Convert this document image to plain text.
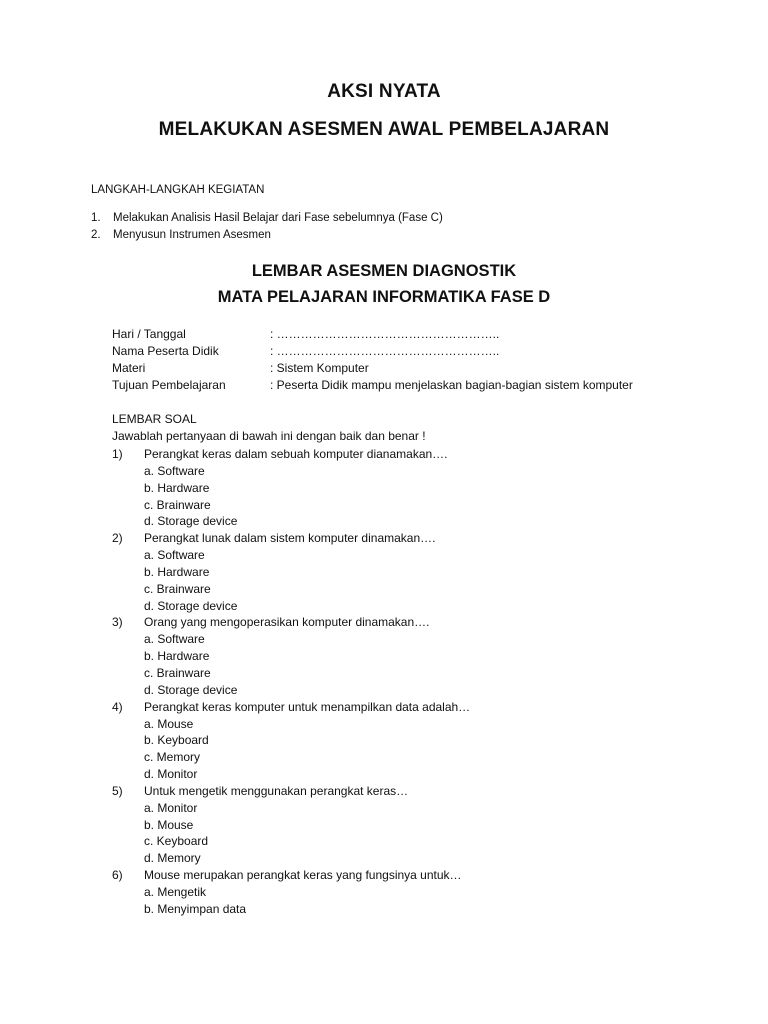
AKSI NYATA
MELAKUKAN ASESMEN AWAL PEMBELAJARAN
LANGKAH-LANGKAH KEGIATAN
1. Melakukan Analisis Hasil Belajar dari Fase sebelumnya (Fase C)
2. Menyusun Instrumen Asesmen
LEMBAR ASESMEN DIAGNOSTIK
MATA PELAJARAN INFORMATIKA FASE D
Hari / Tanggal	: ………………………………………………..
Nama Peserta Didik	: ………………………………………………..
Materi	: Sistem Komputer
Tujuan Pembelajaran	: Peserta Didik mampu menjelaskan bagian-bagian sistem komputer
LEMBAR SOAL
Jawablah pertanyaan di bawah ini dengan baik dan benar !
1) Perangkat keras dalam sebuah komputer dianamakan….
a. Software
b. Hardware
c. Brainware
d. Storage device
2) Perangkat lunak dalam sistem komputer dinamakan….
a. Software
b. Hardware
c. Brainware
d. Storage device
3) Orang yang mengoperasikan komputer dinamakan….
a. Software
b. Hardware
c. Brainware
d. Storage device
4) Perangkat keras komputer untuk menampilkan data adalah…
a. Mouse
b. Keyboard
c. Memory
d. Monitor
5) Untuk mengetik menggunakan perangkat keras…
a. Monitor
b. Mouse
c. Keyboard
d. Memory
6) Mouse merupakan perangkat keras yang fungsinya untuk…
a. Mengetik
b. Menyimpan data
